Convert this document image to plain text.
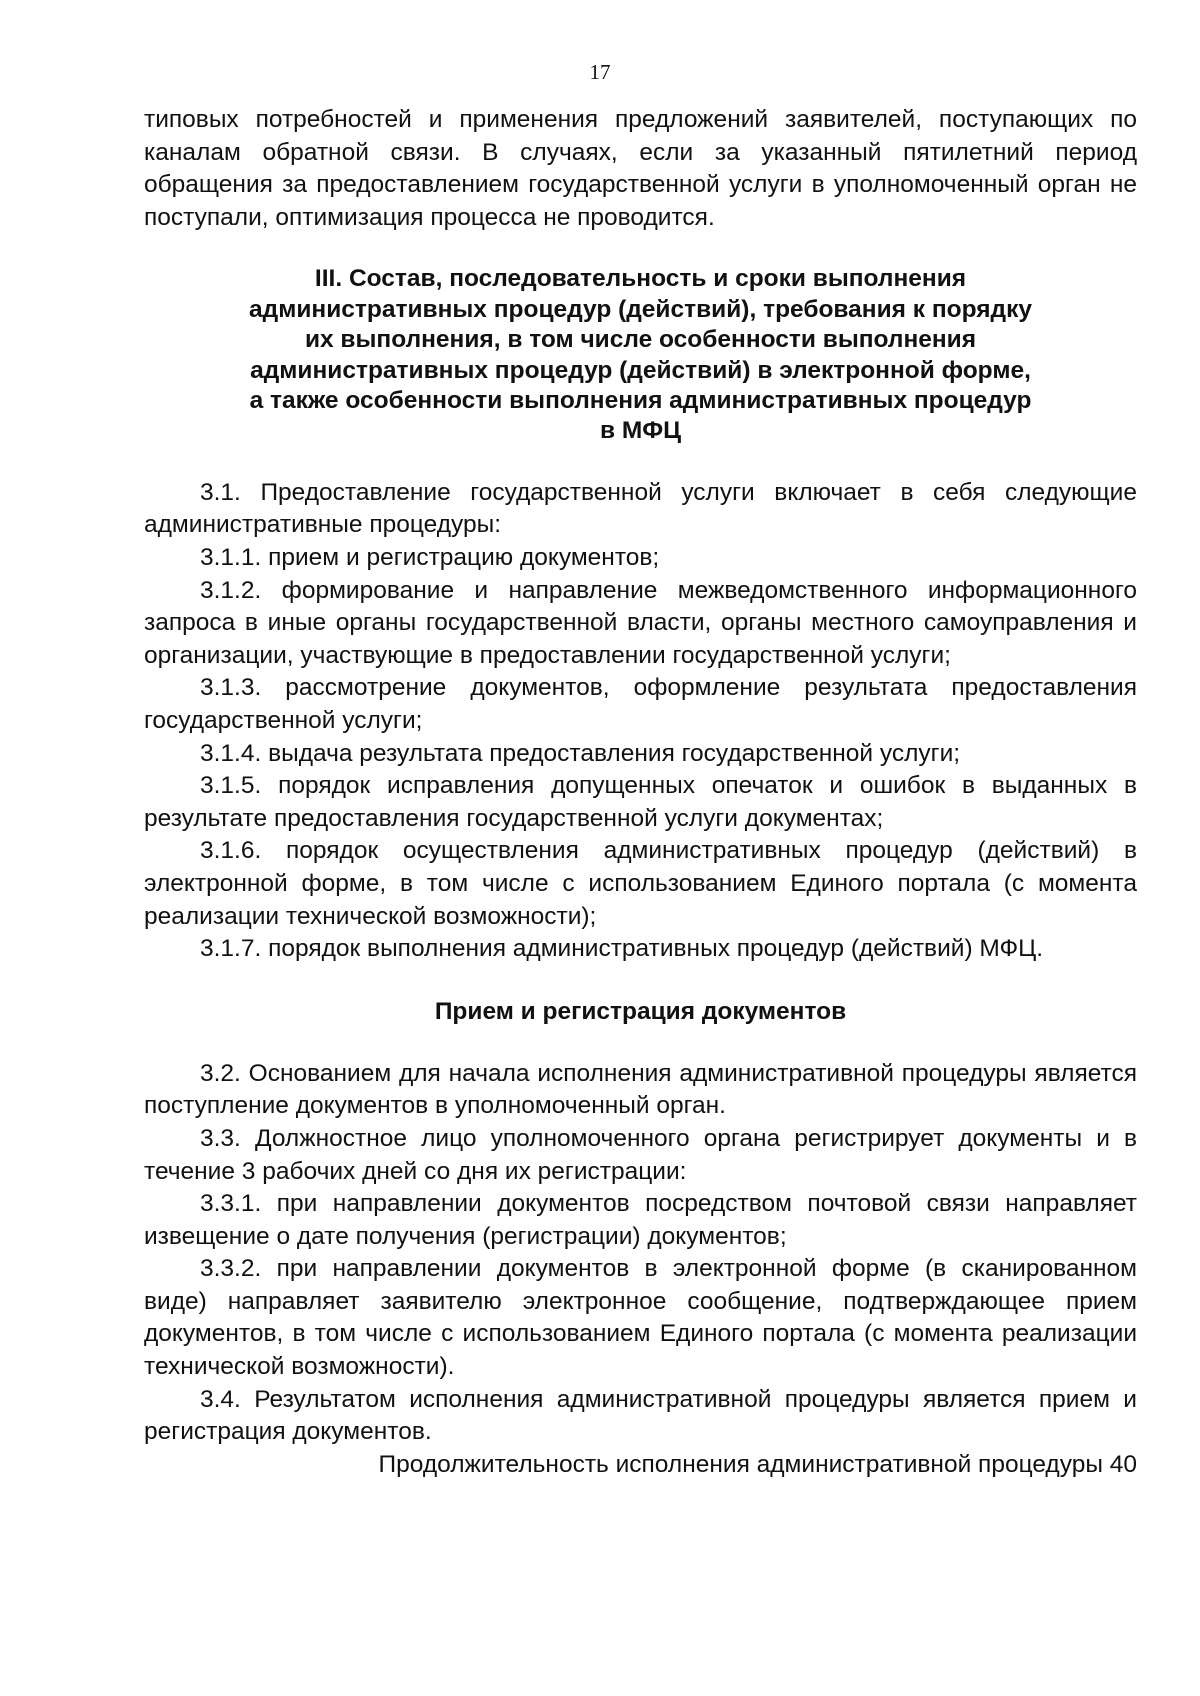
17

типовых потребностей и применения предложений заявителей, поступающих по каналам обратной связи. В случаях, если за указанный пятилетний период обращения за предоставлением государственной услуги в уполномоченный орган не поступали, оптимизация процесса не проводится.

III. Состав, последовательность и сроки выполнения
административных процедур (действий), требования к порядку
их выполнения, в том числе особенности выполнения
административных процедур (действий) в электронной форме,
а также особенности выполнения административных процедур
в МФЦ

3.1. Предоставление государственной услуги включает в себя следующие административные процедуры:

3.1.1. прием и регистрацию документов;

3.1.2. формирование и направление межведомственного информационного запроса в иные органы государственной власти, органы местного самоуправления и организации, участвующие в предоставлении государственной услуги;

3.1.3. рассмотрение документов, оформление результата предоставления государственной услуги;

3.1.4. выдача результата предоставления государственной услуги;

3.1.5. порядок исправления допущенных опечаток и ошибок в выданных в результате предоставления государственной услуги документах;

3.1.6. порядок осуществления административных процедур (действий) в электронной форме, в том числе с использованием Единого портала (с момента реализации технической возможности);

3.1.7. порядок выполнения административных процедур (действий) МФЦ.

Прием и регистрация документов

3.2. Основанием для начала исполнения административной процедуры является поступление документов в уполномоченный орган.

3.3. Должностное лицо уполномоченного органа регистрирует документы и в течение 3 рабочих дней со дня их регистрации:

3.3.1. при направлении документов посредством почтовой связи направляет извещение о дате получения (регистрации) документов;

3.3.2. при направлении документов в электронной форме (в сканированном виде) направляет заявителю электронное сообщение, подтверждающее прием документов, в том числе с использованием Единого портала (с момента реализации технической возможности).

3.4. Результатом исполнения административной процедуры является прием и регистрация документов.

Продолжительность исполнения административной процедуры 40
